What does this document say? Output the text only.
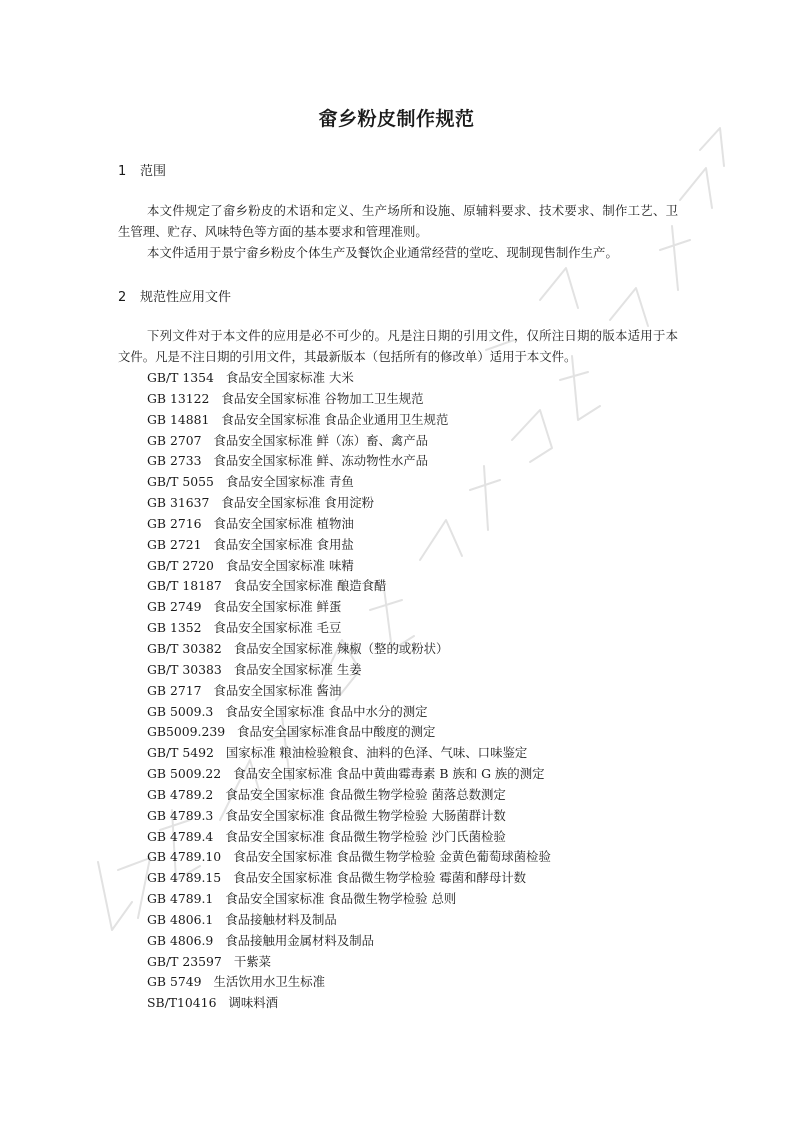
畲乡粉皮制作规范
1 范围

本文件规定了畲乡粉皮的术语和定义、生产场所和设施、原辅料要求、技术要求、制作工艺、卫生管理、贮存、风味特色等方面的基本要求和管理准则。

本文件适用于景宁畲乡粉皮个体生产及餐饮企业通常经营的堂吃、现制现售制作生产。

2 规范性应用文件

下列文件对于本文件的应用是必不可少的。凡是注日期的引用文件，仅所注日期的版本适用于本文件。凡是不注日期的引用文件，其最新版本（包括所有的修改单）适用于本文件。

GB/T 1354 食品安全国家标准 大米
GB 13122 食品安全国家标准 谷物加工卫生规范
GB 14881 食品安全国家标准 食品企业通用卫生规范
GB 2707 食品安全国家标准 鲜（冻）畜、禽产品
GB 2733 食品安全国家标准 鲜、冻动物性水产品
GB/T 5055 食品安全国家标准 青鱼
GB 31637 食品安全国家标准 食用淀粉
GB 2716 食品安全国家标准 植物油
GB 2721 食品安全国家标准 食用盐
GB/T 2720 食品安全国家标准 味精
GB/T 18187 食品安全国家标准 酿造食醋
GB 2749 食品安全国家标准 鲜蛋
GB 1352 食品安全国家标准 毛豆
GB/T 30382 食品安全国家标准 辣椒（整的或粉状）
GB/T 30383 食品安全国家标准 生姜
GB 2717 食品安全国家标准 酱油
GB 5009.3 食品安全国家标准 食品中水分的测定
GB5009.239 食品安全国家标准食品中酸度的测定
GB/T 5492 国家标准 粮油检验粮食、油料的色泽、气味、口味鉴定
GB 5009.22 食品安全国家标准 食品中黄曲霉毒素 B 族和 G 族的测定
GB 4789.2 食品安全国家标准 食品微生物学检验 菌落总数测定
GB 4789.3 食品安全国家标准 食品微生物学检验 大肠菌群计数
GB 4789.4 食品安全国家标准 食品微生物学检验 沙门氏菌检验
GB 4789.10 食品安全国家标准 食品微生物学检验 金黄色葡萄球菌检验
GB 4789.15 食品安全国家标准 食品微生物学检验 霉菌和酵母计数
GB 4789.1 食品安全国家标准 食品微生物学检验 总则
GB 4806.1 食品接触材料及制品
GB 4806.9 食品接触用金属材料及制品
GB/T 23597 干紫菜
GB 5749 生活饮用水卫生标准
SB/T10416 调味料酒
